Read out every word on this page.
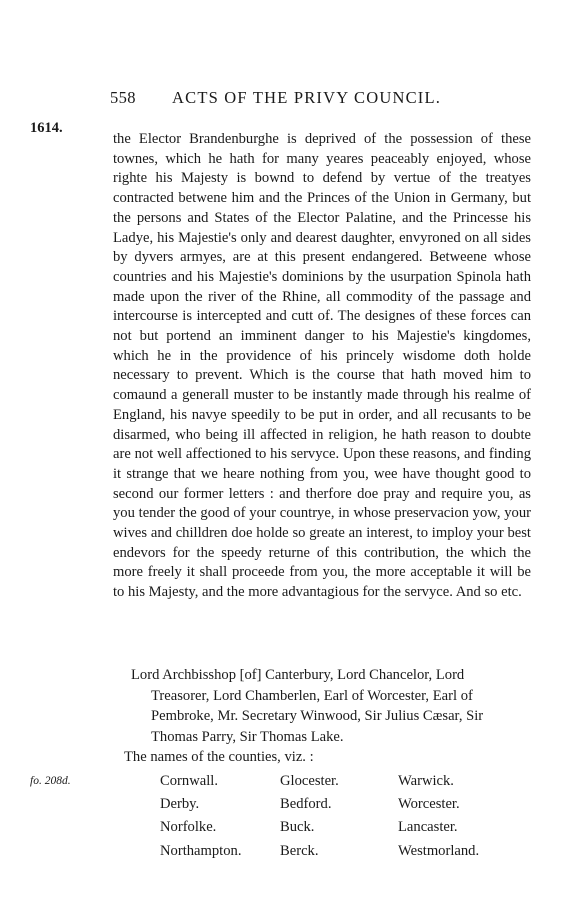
558 ACTS OF THE PRIVY COUNCIL.
1614.

the Elector Brandenburghe is deprived of the possession of these townes, which he hath for many yeares peaceably enjoyed, whose righte his Majesty is bownd to defend by vertue of the treatyes contracted betwene him and the Princes of the Union in Germany, but the persons and States of the Elector Palatine, and the Princesse his Ladye, his Majestie's only and dearest daughter, envyroned on all sides by dyvers armyes, are at this present endangered. Betweene whose countries and his Majestie's dominions by the usurpation Spinola hath made upon the river of the Rhine, all commodity of the passage and intercourse is intercepted and cutt of. The designes of these forces can not but portend an imminent danger to his Majestie's kingdomes, which he in the providence of his princely wisdome doth holde necessary to prevent. Which is the course that hath moved him to comaund a generall muster to be instantly made through his realme of England, his navye speedily to be put in order, and all recusants to be disarmed, who being ill affected in religion, he hath reason to doubte are not well affectioned to his servyce. Upon these reasons, and finding it strange that we heare nothing from you, wee have thought good to second our former letters : and therfore doe pray and require you, as you tender the good of your countrye, in whose preservacion yow, your wives and chilldren doe holde so greate an interest, to imploy your best endevors for the speedy returne of this contribution, the which the more freely it shall proceede from you, the more acceptable it will be to his Majesty, and the more advantagious for the servyce. And so etc.

Lord Archbisshop [of] Canterbury, Lord Chancelor, Lord
Treasorer, Lord Chamberlen, Earl of Worcester, Earl of Pembroke, Mr. Secretary Winwood, Sir Julius Cæsar, Sir Thomas Parry, Sir Thomas Lake.
The names of the counties, viz. :
fo. 208d.	Cornwall.
Derby.
Norfolke.
Northampton.
Glocester.
Bedford.
Buck.
Berck.
Warwick.
Worcester.
Lancaster.
Westmorland.
